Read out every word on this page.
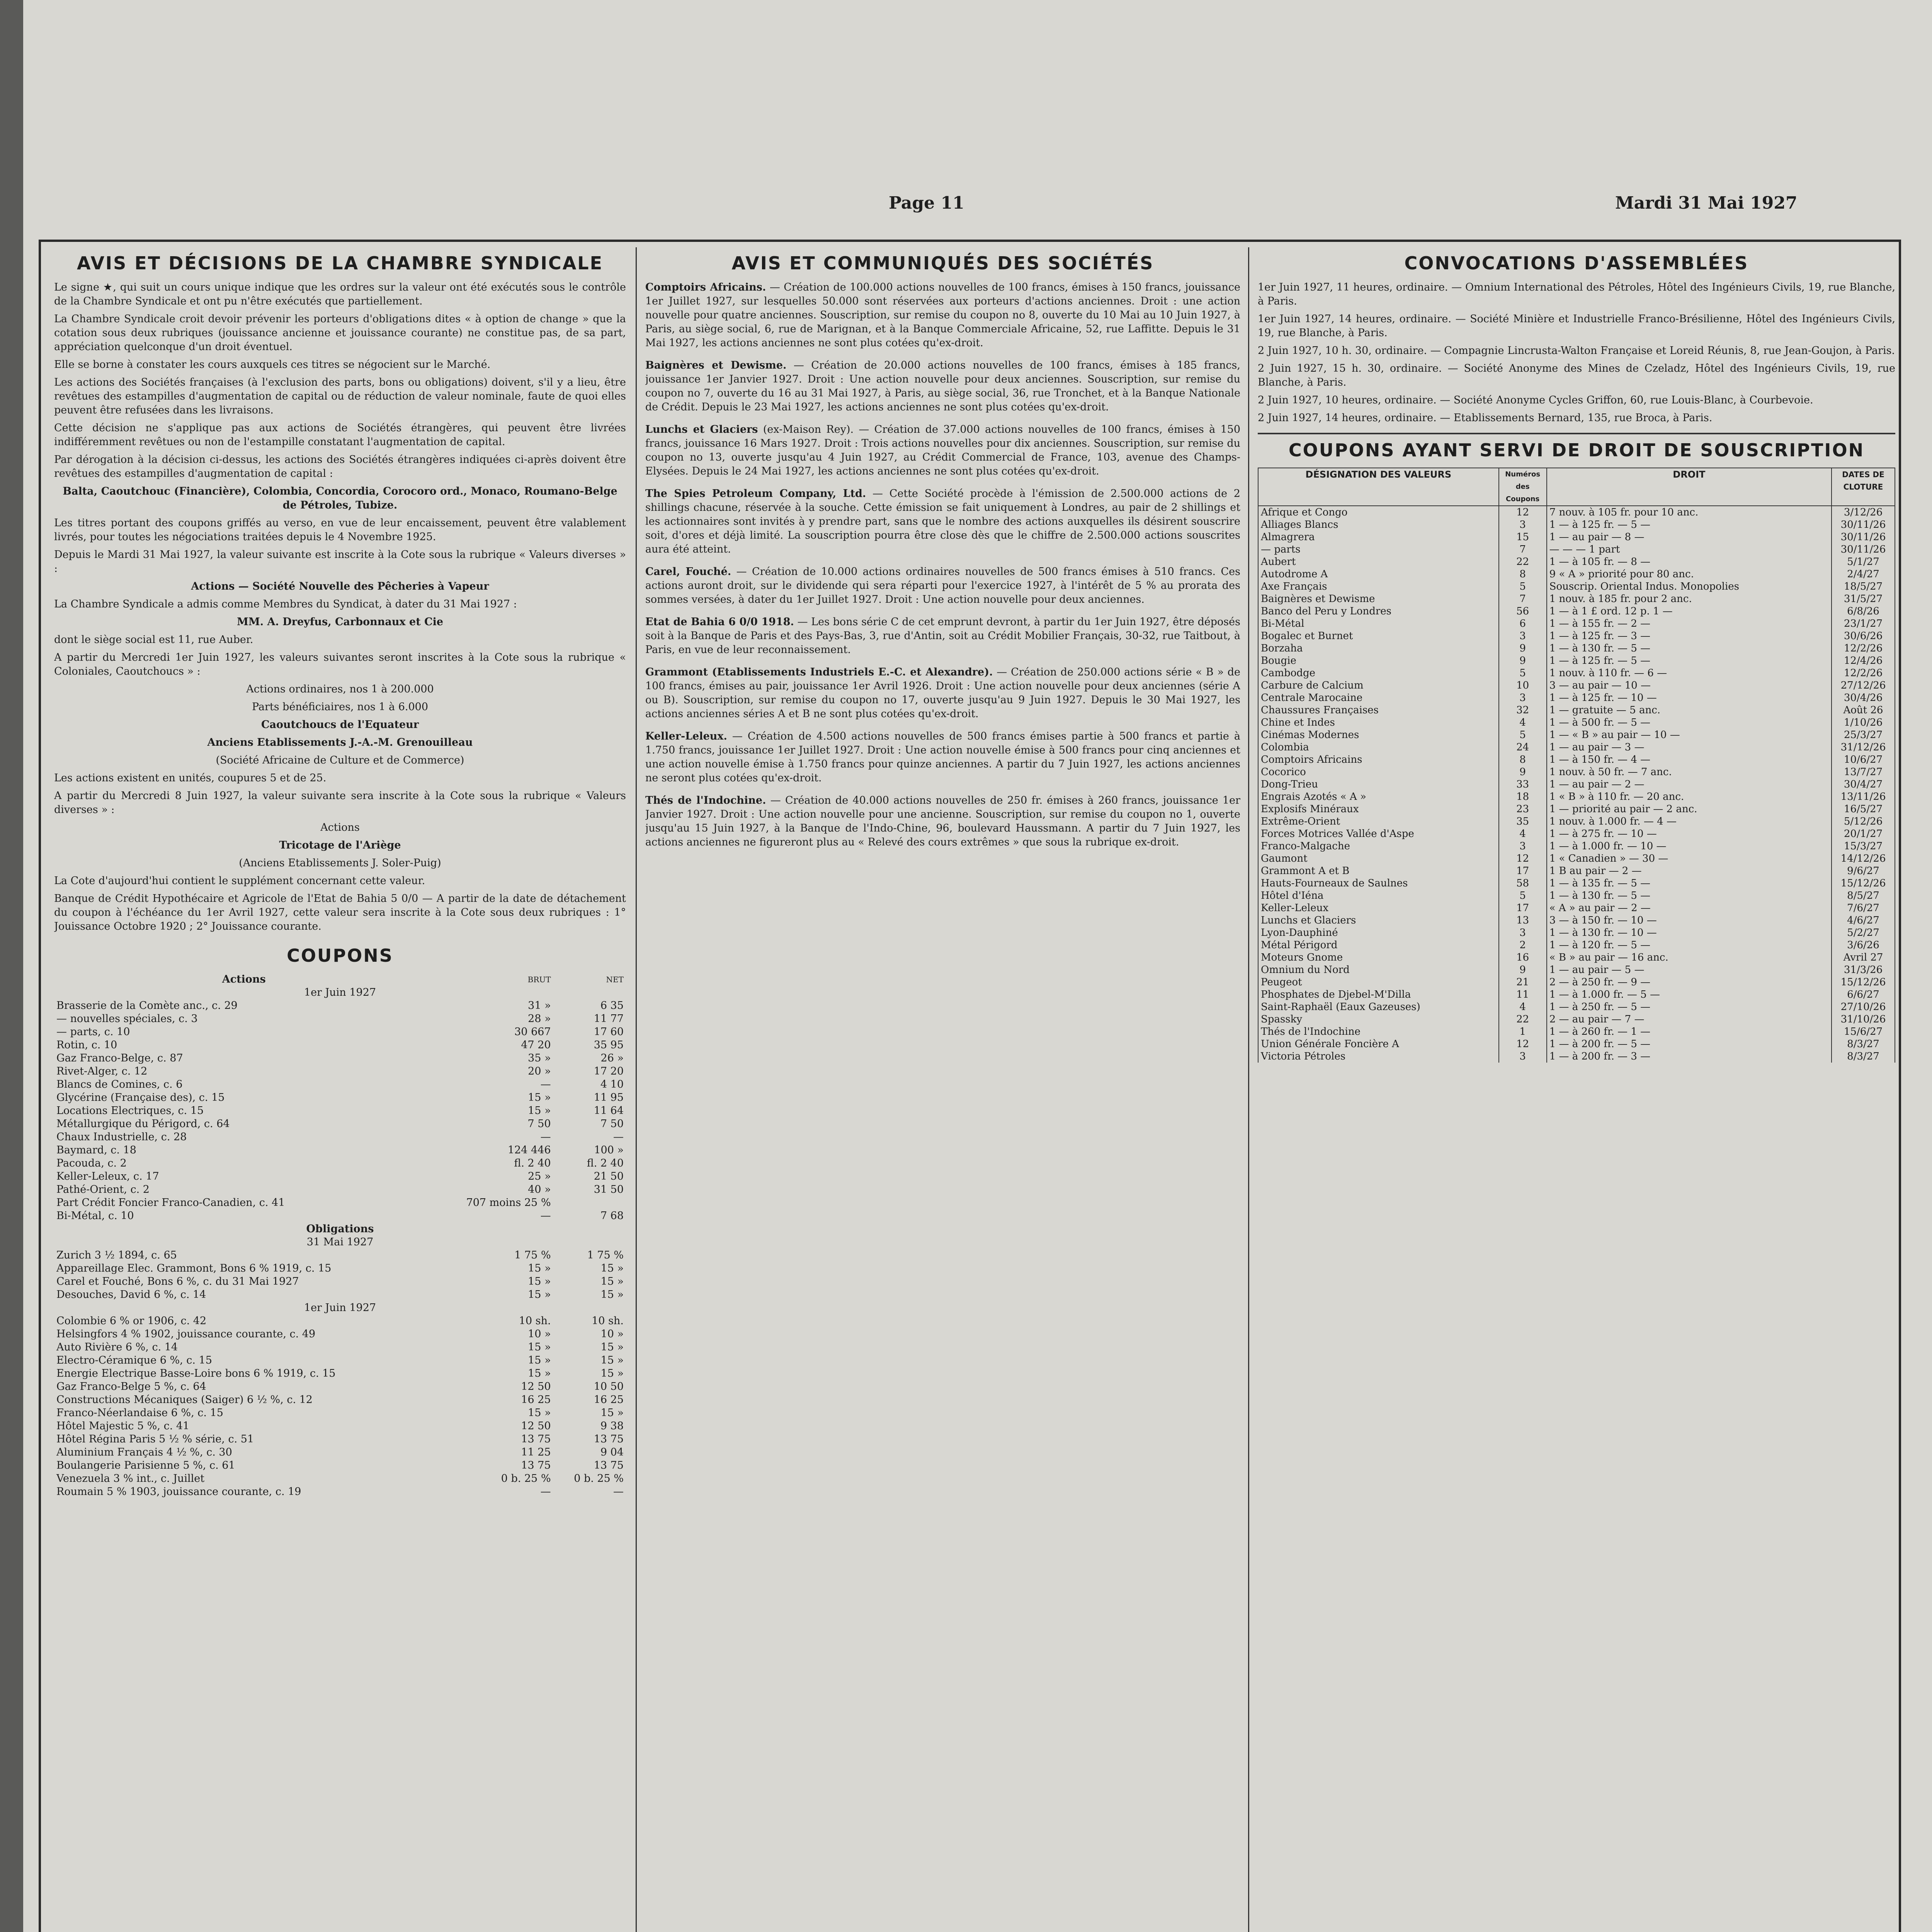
Page 11	Mardi 31 Mai 1927
AVIS ET DÉCISIONS DE LA CHAMBRE SYNDICALE

Le signe ★, qui suit un cours unique indique que les ordres sur la valeur ont été exécutés sous le contrôle de la Chambre Syndicale et ont pu n'être exécutés que partiellement.

La Chambre Syndicale croit devoir prévenir les porteurs d'obligations dites « à option de change » que la cotation sous deux rubriques (jouissance ancienne et jouissance courante) ne constitue pas, de sa part, appréciation quelconque d'un droit éventuel.

Elle se borne à constater les cours auxquels ces titres se négocient sur le Marché.

Les actions des Sociétés françaises (à l'exclusion des parts, bons ou obligations) doivent, s'il y a lieu, être revêtues des estampilles d'augmentation de capital ou de réduction de valeur nominale, faute de quoi elles peuvent être refusées dans les livraisons.

Cette décision ne s'applique pas aux actions de Sociétés étrangères, qui peuvent être livrées indifféremment revêtues ou non de l'estampille constatant l'augmentation de capital.

Par dérogation à la décision ci-dessus, les actions des Sociétés étrangères indiquées ci-après doivent être revêtues des estampilles d'augmentation de capital :

Balta, Caoutchouc (Financière), Colombia, Concordia, Corocoro ord., Monaco, Roumano-Belge de Pétroles, Tubize.

Les titres portant des coupons griffés au verso, en vue de leur encaissement, peuvent être valablement livrés, pour toutes les négociations traitées depuis le 4 Novembre 1925.

Depuis le Mardi 31 Mai 1927, la valeur suivante est inscrite à la Cote sous la rubrique « Valeurs diverses » :

Actions — Société Nouvelle des Pêcheries à Vapeur

La Chambre Syndicale a admis comme Membres du Syndicat, à dater du 31 Mai 1927 :

MM. A. Dreyfus, Carbonnaux et Cie

dont le siège social est 11, rue Auber.

A partir du Mercredi 1er Juin 1927, les valeurs suivantes seront inscrites à la Cote sous la rubrique « Coloniales, Caoutchoucs » :

Actions ordinaires, nos 1 à 200.000

Parts bénéficiaires, nos 1 à 6.000

Caoutchoucs de l'Equateur

Anciens Etablissements J.-A.-M. Grenouilleau

(Société Africaine de Culture et de Commerce)

Les actions existent en unités, coupures 5 et de 25.

A partir du Mercredi 8 Juin 1927, la valeur suivante sera inscrite à la Cote sous la rubrique « Valeurs diverses » :

Actions

Tricotage de l'Ariège

(Anciens Etablissements J. Soler-Puig)

La Cote d'aujourd'hui contient le supplément concernant cette valeur.

Banque de Crédit Hypothécaire et Agricole de l'Etat de Bahia 5 0/0 — A partir de la date de détachement du coupon à l'échéance du 1er Avril 1927, cette valeur sera inscrite à la Cote sous deux rubriques : 1° Jouissance Octobre 1920 ; 2° Jouissance courante.

COUPONS
Actions	BRUT	NET
1er Juin 1927		
Brasserie de la Comète anc., c. 29	31 »	6 35
— nouvelles spéciales, c. 3	28 »	11 77
— parts, c. 10	30 667	17 60
Rotin, c. 10	47 20	35 95
Gaz Franco-Belge, c. 87	35 »	26 »
Rivet-Alger, c. 12	20 »	17 20
Blancs de Comines, c. 6	—	4 10
Glycérine (Française des), c. 15	15 »	11 95
Locations Electriques, c. 15	15 »	11 64
Métallurgique du Périgord, c. 64	7 50	7 50
Chaux Industrielle, c. 28	—	—
Baymard, c. 18	124 446	100 »
Pacouda, c. 2	fl. 2 40	fl. 2 40
Keller-Leleux, c. 17	25 »	21 50
Pathé-Orient, c. 2	40 »	31 50
Part Crédit Foncier Franco-Canadien, c. 41	707 moins 25 %	
Bi-Métal, c. 10	—	7 68
Obligations		
31 Mai 1927		
Zurich 3 ½ 1894, c. 65	1 75 %	1 75 %
Appareillage Elec. Grammont, Bons 6 % 1919, c. 15	15 »	15 »
Carel et Fouché, Bons 6 %, c. du 31 Mai 1927	15 »	15 »
Desouches, David 6 %, c. 14	15 »	15 »
1er Juin 1927		
Colombie 6 % or 1906, c. 42	10 sh.	10 sh.
Helsingfors 4 % 1902, jouissance courante, c. 49	10 »	10 »
Auto Rivière 6 %, c. 14	15 »	15 »
Electro-Céramique 6 %, c. 15	15 »	15 »
Energie Electrique Basse-Loire bons 6 % 1919, c. 15	15 »	15 »
Gaz Franco-Belge 5 %, c. 64	12 50	10 50
Constructions Mécaniques (Saiger) 6 ½ %, c. 12	16 25	16 25
Franco-Néerlandaise 6 %, c. 15	15 »	15 »
Hôtel Majestic 5 %, c. 41	12 50	9 38
Hôtel Régina Paris 5 ½ % série, c. 51	13 75	13 75
Aluminium Français 4 ½ %, c. 30	11 25	9 04
Boulangerie Parisienne 5 %, c. 61	13 75	13 75
Venezuela 3 % int., c. Juillet	0 b. 25 %	0 b. 25 %
Roumain 5 % 1903, jouissance courante, c. 19	—	—
AVIS ET COMMUNIQUÉS DES SOCIÉTÉS

Comptoirs Africains. — Création de 100.000 actions nouvelles de 100 francs, émises à 150 francs, jouissance 1er Juillet 1927, sur lesquelles 50.000 sont réservées aux porteurs d'actions anciennes. Droit : une action nouvelle pour quatre anciennes. Souscription, sur remise du coupon no 8, ouverte du 10 Mai au 10 Juin 1927, à Paris, au siège social, 6, rue de Marignan, et à la Banque Commerciale Africaine, 52, rue Laffitte. Depuis le 31 Mai 1927, les actions anciennes ne sont plus cotées qu'ex-droit.

Baignères et Dewisme. — Création de 20.000 actions nouvelles de 100 francs, émises à 185 francs, jouissance 1er Janvier 1927. Droit : Une action nouvelle pour deux anciennes. Souscription, sur remise du coupon no 7, ouverte du 16 au 31 Mai 1927, à Paris, au siège social, 36, rue Tronchet, et à la Banque Nationale de Crédit. Depuis le 23 Mai 1927, les actions anciennes ne sont plus cotées qu'ex-droit.

Lunchs et Glaciers (ex-Maison Rey). — Création de 37.000 actions nouvelles de 100 francs, émises à 150 francs, jouissance 16 Mars 1927. Droit : Trois actions nouvelles pour dix anciennes. Souscription, sur remise du coupon no 13, ouverte jusqu'au 4 Juin 1927, au Crédit Commercial de France, 103, avenue des Champs-Elysées. Depuis le 24 Mai 1927, les actions anciennes ne sont plus cotées qu'ex-droit.

The Spies Petroleum Company, Ltd. — Cette Société procède à l'émission de 2.500.000 actions de 2 shillings chacune, réservée à la souche. Cette émission se fait uniquement à Londres, au pair de 2 shillings et les actionnaires sont invités à y prendre part, sans que le nombre des actions auxquelles ils désirent souscrire soit, d'ores et déjà limité. La souscription pourra être close dès que le chiffre de 2.500.000 actions souscrites aura été atteint.

Carel, Fouché. — Création de 10.000 actions ordinaires nouvelles de 500 francs émises à 510 francs. Ces actions auront droit, sur le dividende qui sera réparti pour l'exercice 1927, à l'intérêt de 5 % au prorata des sommes versées, à dater du 1er Juillet 1927. Droit : Une action nouvelle pour deux anciennes.

Etat de Bahia 6 0/0 1918. — Les bons série C de cet emprunt devront, à partir du 1er Juin 1927, être déposés soit à la Banque de Paris et des Pays-Bas, 3, rue d'Antin, soit au Crédit Mobilier Français, 30-32, rue Taitbout, à Paris, en vue de leur reconnaissement.

Grammont (Etablissements Industriels E.-C. et Alexandre). — Création de 250.000 actions série « B » de 100 francs, émises au pair, jouissance 1er Avril 1926. Droit : Une action nouvelle pour deux anciennes (série A ou B). Souscription, sur remise du coupon no 17, ouverte jusqu'au 9 Juin 1927. Depuis le 30 Mai 1927, les actions anciennes séries A et B ne sont plus cotées qu'ex-droit.

Keller-Leleux. — Création de 4.500 actions nouvelles de 500 francs émises partie à 500 francs et partie à 1.750 francs, jouissance 1er Juillet 1927. Droit : Une action nouvelle émise à 500 francs pour cinq anciennes et une action nouvelle émise à 1.750 francs pour quinze anciennes. A partir du 7 Juin 1927, les actions anciennes ne seront plus cotées qu'ex-droit.

Thés de l'Indochine. — Création de 40.000 actions nouvelles de 250 fr. émises à 260 francs, jouissance 1er Janvier 1927. Droit : Une action nouvelle pour une ancienne. Souscription, sur remise du coupon no 1, ouverte jusqu'au 15 Juin 1927, à la Banque de l'Indo-Chine, 96, boulevard Haussmann. A partir du 7 Juin 1927, les actions anciennes ne figureront plus au « Relevé des cours extrêmes » que sous la rubrique ex-droit.

CONVOCATIONS D'ASSEMBLÉES

1er Juin 1927, 11 heures, ordinaire. — Omnium International des Pétroles, Hôtel des Ingénieurs Civils, 19, rue Blanche, à Paris.

1er Juin 1927, 14 heures, ordinaire. — Société Minière et Industrielle Franco-Brésilienne, Hôtel des Ingénieurs Civils, 19, rue Blanche, à Paris.

2 Juin 1927, 10 h. 30, ordinaire. — Compagnie Lincrusta-Walton Française et Loreid Réunis, 8, rue Jean-Goujon, à Paris.

2 Juin 1927, 15 h. 30, ordinaire. — Société Anonyme des Mines de Czeladz, Hôtel des Ingénieurs Civils, 19, rue Blanche, à Paris.

2 Juin 1927, 10 heures, ordinaire. — Société Anonyme Cycles Griffon, 60, rue Louis-Blanc, à Courbevoie.

2 Juin 1927, 14 heures, ordinaire. — Etablissements Bernard, 135, rue Broca, à Paris.

COUPONS AYANT SERVI DE DROIT DE SOUSCRIPTION
DÉSIGNATION DES VALEURS	Numéros des Coupons	DROIT	DATES DE CLOTURE
Afrique et Congo	12	7 nouv. à 105 fr. pour 10 anc.	3/12/26
Alliages Blancs	3	1 — à 125 fr. — 5 —	30/11/26
Almagrera	15	1 — au pair — 8 —	30/11/26
— parts	7	— — — 1 part	30/11/26
Aubert	22	1 — à 105 fr. — 8 —	5/1/27
Autodrome A	8	9 « A » priorité pour 80 anc.	2/4/27
Axe Français	5	Souscrip. Oriental Indus. Monopolies	18/5/27
Baignères et Dewisme	7	1 nouv. à 185 fr. pour 2 anc.	31/5/27
Banco del Peru y Londres	56	1 — à 1 £ ord. 12 p. 1 —	6/8/26
Bi-Métal	6	1 — à 155 fr. — 2 —	23/1/27
Bogalec et Burnet	3	1 — à 125 fr. — 3 —	30/6/26
Borzaha	9	1 — à 130 fr. — 5 —	12/2/26
Bougie	9	1 — à 125 fr. — 5 —	12/4/26
Cambodge	5	1 nouv. à 110 fr. — 6 —	12/2/26
Carbure de Calcium	10	3 — au pair — 10 —	27/12/26
Centrale Marocaine	3	1 — à 125 fr. — 10 —	30/4/26
Chaussures Françaises	32	1 — gratuite — 5 anc.	Août 26
Chine et Indes	4	1 — à 500 fr. — 5 —	1/10/26
Cinémas Modernes	5	1 — « B » au pair — 10 —	25/3/27
Colombia	24	1 — au pair — 3 —	31/12/26
Comptoirs Africains	8	1 — à 150 fr. — 4 —	10/6/27
Cocorico	9	1 nouv. à 50 fr. — 7 anc.	13/7/27
Dong-Trieu	33	1 — au pair — 2 —	30/4/27
Engrais Azotés « A »	18	1 « B » à 110 fr. — 20 anc.	13/11/26
Explosifs Minéraux	23	1 — priorité au pair — 2 anc.	16/5/27
Extrême-Orient	35	1 nouv. à 1.000 fr. — 4 —	5/12/26
Forces Motrices Vallée d'Aspe	4	1 — à 275 fr. — 10 —	20/1/27
Franco-Malgache	3	1 — à 1.000 fr. — 10 —	15/3/27
Gaumont	12	1 « Canadien » — 30 —	14/12/26
Grammont A et B	17	1 B au pair — 2 —	9/6/27
Hauts-Fourneaux de Saulnes	58	1 — à 135 fr. — 5 —	15/12/26
Hôtel d'Iéna	5	1 — à 130 fr. — 5 —	8/5/27
Keller-Leleux	17	« A » au pair — 2 —	7/6/27
Lunchs et Glaciers	13	3 — à 150 fr. — 10 —	4/6/27
Lyon-Dauphiné	3	1 — à 130 fr. — 10 —	5/2/27
Métal Périgord	2	1 — à 120 fr. — 5 —	3/6/26
Moteurs Gnome	16	« B » au pair — 16 anc.	Avril 27
Omnium du Nord	9	1 — au pair — 5 —	31/3/26
Peugeot	21	2 — à 250 fr. — 9 —	15/12/26
Phosphates de Djebel-M'Dilla	11	1 — à 1.000 fr. — 5 —	6/6/27
Saint-Raphaël (Eaux Gazeuses)	4	1 — à 250 fr. — 5 —	27/10/26
Spassky	22	2 — au pair — 7 —	31/10/26
Thés de l'Indochine	1	1 — à 260 fr. — 1 —	15/6/27
Union Générale Foncière A	12	1 — à 200 fr. — 5 —	8/3/27
Victoria Pétroles	3	1 — à 200 fr. — 3 —	8/3/27
